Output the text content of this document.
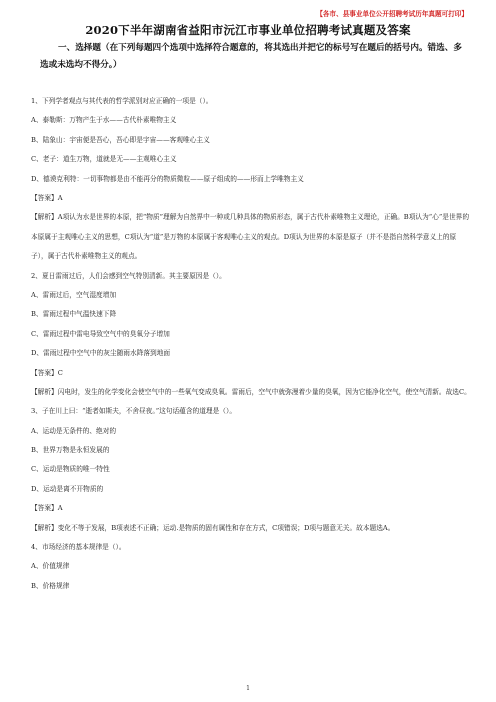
【各市、县事业单位公开招聘考试历年真题可打印】
2020下半年湖南省益阳市沅江市事业单位招聘考试真题及答案
一、选择题（在下列每题四个选项中选择符合题意的，将其选出并把它的标号写在题后的括号内。错选、多选或未选均不得分。）
1、下列学者观点与其代表的哲学派别对应正确的一项是（）。
A、泰勒斯：万物产生于水——古代朴素唯物主义
B、陆象山：宇宙便是吾心，吾心即是宇宙——客观唯心主义
C、老子：道生万物，道就是无——主观唯心主义
D、德谟克利特：一切事物都是由不能再分的物质微粒——原子组成的——形而上学唯物主义
【答案】A
【解析】A项认为水是世界的本原，把“物质”理解为自然界中一种或几种具体的物质形态，属于古代朴素唯物主义理论，正确。B项认为“心”是世界的本原属于主观唯心主义的思想，C项认为“道”是万物的本原属于客观唯心主义的观点。D项认为世界的本原是原子（并不是指自然科学意义上的原子），属于古代朴素唯物主义的观点。
2、夏日雷雨过后，人们会感到空气特别清新。其主要原因是（）。
A、雷雨过后，空气湿度增加
B、雷雨过程中气温快速下降
C、雷雨过程中雷电导致空气中的臭氧分子增加
D、雷雨过程中空气中的灰尘随雨水降落到地面
【答案】C
【解析】闪电时，发生的化学变化会使空气中的一些氧气变成臭氧。雷雨后，空气中就弥漫着少量的臭氧，因为它能净化空气，使空气清新。故选C。
3、子在川上曰：“逝者如斯夫，不舍昼夜。”这句话蕴含的道理是（）。
A、运动是无条件的、绝对的
B、世界万物是永恒发展的
C、运动是物质的唯一特性
D、运动是离不开物质的
【答案】A
【解析】变化不等于发展，B项表述不正确；运动.是物质的固有属性和存在方式，C项错误；D项与题意无关。故本题选A。
4、市场经济的基本规律是（）。
A、价值规律
B、价格规律
1
